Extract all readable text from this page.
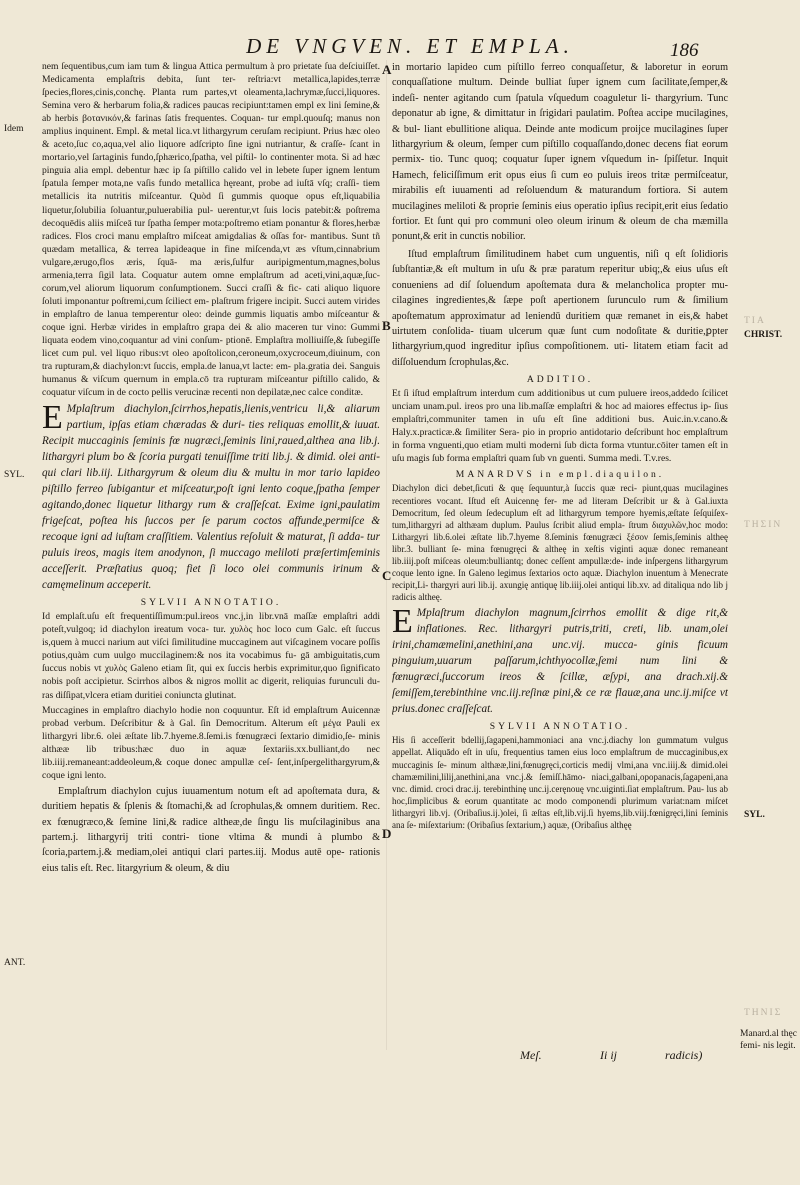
DE VNGVEN. ET EMPLA.	186
Idem
SYL.
ANT.
ΤΙΑ
CHRIST.
ΤΗΣΙΝ
SYL.
ΤΗΝΙΣ
Manard.al thęc femi- nis legit.
A
B
C
D
nem ſequentibus,cum iam tum & lingua Attica permultum à pro prietate ſua deſciuiſſet. Medicamenta emplaſtris debita, ſunt ter- reſtria:vt metallica,lapides,terræ ſpecies,flores,cinis,conchę. Planta rum partes,vt oleamenta,lachrymæ,ſucci,liquores. Semina vero & herbarum folia,& radices paucas recipiunt:tamen empl ex lini ſemine,& ab herbis βοτανικόν,& farinas ſatis frequentes. Coquan- tur empl.quouſq; manus non amplius inquinent. Empl. & metal lica.vt lithargyrum ceruſam recipiunt. Prius hæc oleo & aceto,ſuc co,aqua,vel alio liquore adſcripto ſine igni nutriantur, & craſſe- ſcant in mortario,vel ſartaginis fundo,ſphærico,ſpatha, vel piſtil- lo continenter mota. Si ad hæc pinguia alia empl. debentur hæc ip ſa piſtillo calido vel in lebete ſuper ignem lentum ſpatula ſemper mota,ne vaſis fundo metallica hęreant, probe ad iuſtā vſq; craſſi- tiem metallicis ita nutritis miſceantur. Quòd ſi gummis quoque opus eſt,liquabilia liquetur,ſolubilia ſoluantur,puluerabilia pul- uerentur,vt ſuis locis patebit:& poſtrema decoquēdis aliis miſceā tur ſpatha ſemper mota:poſtremo etiam ponantur & flores,herbæ radices. Flos croci manu emplaſtro miſceat amigdalias & oſſas for- mantibus. Sunt tñ quædam metallica, & terrea lapideaque in fine miſcenda,vt æs vſtum,cinnabrium vulgare,ærugo,flos æris, ſquā- ma æris,ſulfur auripigmentum,magnes,bolus armenia,terra ſigil lata. Coquatur autem omne emplaſtrum ad aceti,vini,aquæ,ſuc- corum,vel aliorum liquorum conſumptionem. Succi craſſi & fic- cati aliquo liquore ſoluti imponantur poſtremi,cum ſciliect em- plaſtrum frigere incipit. Succi autem virides in emplaſtro de lanua temperentur oleo: deinde gummis liquatis ambo miſceantur & coque igni. Herbæ virides in emplaſtro grapa dei & alio maceren tur vino: Gummi liquata eodem vino,coquantur ad vini conſum- ptionē. Emplaſtra molliuiſſe,& ſubegiſſe licet cum pul. vel liquo ribus:vt oleo apoſtolicon,ceroneum,oxycroceum,diuinum, con tra rupturam,& diachylon:vt ſuccis, empla.de lanua,vt lacte: em- pla.gratia dei. Sanguis humanus & viſcum quernum in empla.cō tra rupturam miſceantur piſtillo calido, & coquatur viſcum in de cocto pellis verucinæ recenti non depilatæ,nec calce conditæ.
E Mplaſtrum diachylon,ſcirrhos,hepatis,lienis,ventricu li,& aliarum partium, ipſas etiam chæradas & duri- ties reliquas emollit,& iuuat. Recipit muccaginis ſeminis fœ nugræci,ſeminis lini,raued,althea ana lib.j. lithargyri plum bo & ſcoria purgati tenuiſſime triti lib.j. & dimid. olei anti- qui clari lib.iij. Lithargyrum & oleum diu & multu in mor tario lapideo piſtillo ferreo ſubigantur et miſceatur,poſt igni lento coque,ſpatha ſemper agitando,donec liquetur lithargy rum & craſſeſcat. Exime igni,paulatim frigeſcat, poſtea his ſuccos per ſe parum coctos affunde,permiſce & recoque igni ad iuſtam craſſitiem. Valentius reſoluit & maturat, ſi adda- tur puluis ireos, magis item anodynon, ſi muccago meliloti præſertimſeminis acceſſerit. Præſtatius quoq; fiet ſi loco olei communis irinum & camęmelinum acceperit.
SYLVII ANNOTATIO.
Id emplaſt.uſu eſt frequentiſſimum:pul.ireos vnc.j,in libr.vnā maſſæ emplaſtri addi poteſt,vulgoq; id diachylon ireatum voca- tur. χυλὸς hoc loco cum Galc. eſt ſuccus is,quem à mucci narium aut viſci ſimilitudine muccaginem aut viſcaginem vocare poſſis potius,quàm cum uulgo muccilaginem:& nos ita vocabimus fu- gā ambiguitatis,cum ſuccus nobis vt χυλὸς Galeno etiam ſit, qui ex ſuccis herbis exprimitur,quo ſignificato nobis poſt accipietur. Scirrhos albos & nigros mollit ac digerit, reliquias furunculi du- ras diſſipat,vlcera etiam duritiei coniuncta glutinat.
Muccagines in emplaſtro diachylo hodie non coquuntur. Eſt id emplaſtrum Auicennæ probad verbum. Deſcribitur & à Gal. ſin Democritum. Alterum eſt μέγα Pauli ex lithargyri libr.6. olei æſtate lib.7.hyeme.8.ſemi.is fœnugræci ſextario dimidio,ſe- minis althææ lib tribus:hæc duo in aquæ ſextariis.xx.bulliant,do nec lib.iiij.remaneant:addeoleum,& coque donec ampullæ ceſ- ſent,inſpergelithargyrum,& coque igni lento.
Emplaſtrum diachylon cujus iuuamentum notum eſt ad apoſtemata dura, & duritiem hepatis & ſplenis & ſtomachi,& ad ſcrophulas,& omnem duritiem. Rec. ex fœnugræco,& ſemine lini,& radice altheæ,de ſingu lis muſcilaginibus ana partem.j. lithargyrij triti contri- tione vltima & mundi à plumbo & ſcoria,partem.j.& mediam,olei antiqui clari partes.iij. Modus autē ope- rationis eius talis eſt. Rec. litargyrium & oleum, & diu
in mortario lapideo cum piſtillo ferreo conquaſſetur, & laboretur in eorum conquaſſatione multum. Deinde bulliat ſuper ignem cum ſacilitate,ſemper,& indeſi- nenter agitando cum ſpatula vſquedum coaguletur li- thargyrium. Tunc deponatur ab igne, & dimittatur in ſrigidari paulatim. Poſtea accipe mucilagines, & bul- liant ebullitione aliqua. Deinde ante modicum proijce mucilagines ſuper lithargyrium & oleum, ſemper cum piſtillo coquaſſando,donec decens fiat eorum permix- tio. Tunc quoq; coquatur ſuper ignem vſquedum in- ſpiſſetur. Inquit Hamech, feliciſſimum erit opus eius ſi cum eo puluis ireos tritæ permiſceatur, mirabilis eſt iuuamenti ad reſoluendum & maturandum fortiora. Si autem mucilagines meliloti & proprie ſeminis eius operatio ipſius recipit,erit eius ſedatio fortior. Et ſunt qui pro communi oleo oleum irinum & oleum de cha mæmilla ponunt,& erit in cunctis nobilior.
Iſtud emplaſtrum ſimilitudinem habet cum unguentis, niſi q eſt ſolidioris ſubſtantiæ,& eſt multum in uſu & præ paratum reperitur ubiq;,& eius uſus eſt conueniens ad diſ ſoluendum apoſtemata dura & melancholica propter mu- cilagines ingredientes,& ſæpe poſt apertionem ſurunculo rum & ſimilium apoſtematum approximatur ad leniendū duritiem quæ remanet in eis,& habet uirtutem conſolida- tiuam ulcerum quæ ſunt cum nodoſitate & duritie,ꝑpter lithargyrium,quod ingreditur ipſius compoſitionem. uti- litatem etiam facit ad diſſoluendum ſcrophulas,&c.
ADDITIO.
Et ſi iſtud emplaſtrum interdum cum additionibus ut cum puluere ireos,addedo ſcilicet unciam unam.pul. ireos pro una lib.maſſæ emplaſtri & hoc ad maiores effectus ip- ſius emplaſtri,communiter tamen in uſu eſt ſine additioni bus. Auic.in.v.cano.& Haly.x.practicæ.& ſimiliter Sera- pio in proprio antidotario deſcribunt hoc emplaſtrum in forma vnguenti,quo etiam multi moderni ſub dicta forma vtuntur.cōiter tamen eſt in uſu magis ſub forma emplaſtri quam ſub vn guenti. Summa medi. T.v.res.
MANARDVS in empl.diaquilon.
Diachylon dici debet,ſicuti & quę ſequuntur,à ſuccis quæ reci- piunt,quas mucilagines recentiores vocant. Iſtud eſt Auicennę fer- me ad literam Deſcribit ur & à Gal.iuxta Democritum, ſed oleum ſedecuplum eſt ad lithargyrum tempore hyemis,æſtate ſeſquiſex- tum,lithargyri ad althæam duplum. Paulus ſcribit aliud empla- ſtrum διαχυλῶν,hoc modo: Lithargyri lib.6.olei æſtate lib.7.hyeme 8.ſeminis fœnugræci ξέσον ſemis,ſeminis altheę libr.3. bulliant ſe- mina fœnugręci & altheę in xeſtis viginti aquæ donec remaneant lib.iiij.poſt miſceas oleum:bulliantq; donec ceſſent ampullæ:de- inde inſpergens lithargyrum coque lento igne. In Galeno legimus ſextarios octo aquæ. Diachylon inuentum à Menecrate recipit,Li- thargyri auri lib.ij. axungię antiquę lib.iiij.olei antiqui lib.xv. ad ditaliqua ndo lib j radicis altheę.
E Mplaſtrum diachylon magnum,ſcirrhos emollit & dige rit,& inflationes. Rec. lithargyri putris,triti, creti, lib. unam,olei irini,chamæmelini,anethini,ana unc.vij. mucca- ginis ficuum pinguium,uuarum paſſarum,ichthyocollæ,ſemi num lini & fœnugræci,ſuccorum ireos & ſcillæ, æſypi, ana drach.xij.& ſemiſſem,terebinthine vnc.iij.reſinæ pini,& ce ræ flauæ,ana unc.ij.miſce vt prius.donec craſſeſcat.
SYLVII ANNOTATIO.
His ſi acceſſerit bdellij,ſagapeni,hammoniaci ana vnc.j.diachy lon gummatum vulgus appellat. Aliquādo eſt in uſu, frequentius tamen eius loco emplaſtrum de muccaginibus,ex muccaginis ſe- minum althææ,lini,fœnugręci,corticis medij vlmi,ana vnc.iiij.& dimid.olei chamæmilini,lilij,anethini,ana vnc.j.& ſemiſſ.hāmo- niaci,galbani,opopanacis,ſagapeni,ana vnc. dimid. croci drac.ij. terebinthinę unc.ij.ceręnouę vnc.uiginti.ſiat emplaſtrum. Pau- lus ab hoc,ſimplicibus & eorum quantitate ac modo componendi plurimum variat:nam miſcet lithargyri lib.vj. (Oribaſius.ij.)olei, ſi æſtas eſt,lib.vij.ſi hyems,lib.viij.fœnigręci,lini ſeminis ana ſe- miſextarium: (Oribaſius ſextarium,) aquæ, (Oribaſius althęę
Meſ.	Ii ij	radicis)
